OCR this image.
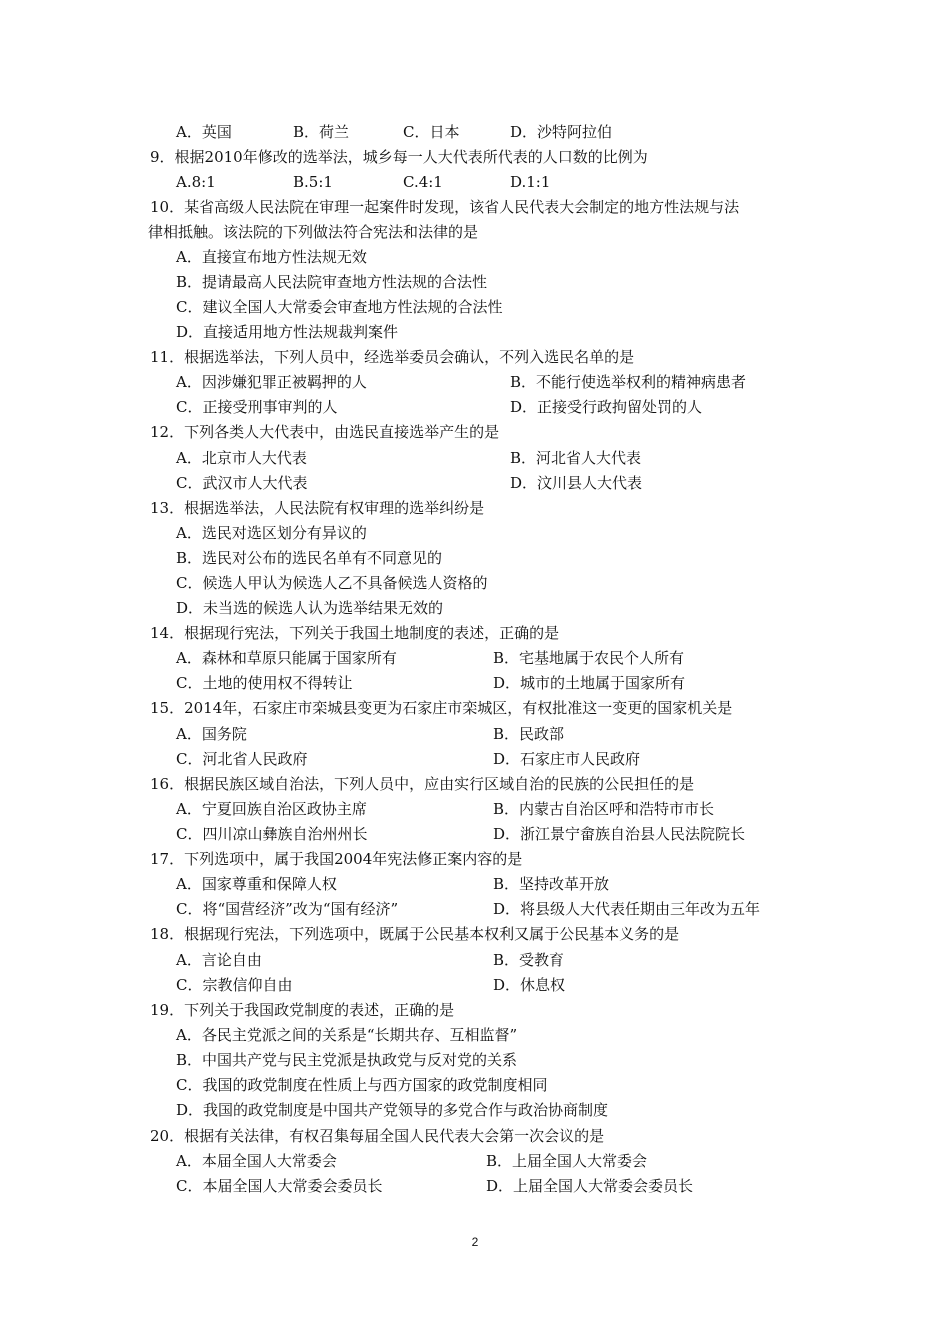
A．英国	B．荷兰	C．日本	D．沙特阿拉伯
9．根据2010年修改的选举法，城乡每一人大代表所代表的人口数的比例为
A.8:1	B.5:1	C.4:1	D.1:1
10．某省高级人民法院在审理一起案件时发现，该省人民代表大会制定的地方性法规与法
律相抵触。该法院的下列做法符合宪法和法律的是
A．直接宣布地方性法规无效
B．提请最高人民法院审查地方性法规的合法性
C．建议全国人大常委会审查地方性法规的合法性
D．直接适用地方性法规裁判案件
11．根据选举法，下列人员中，经选举委员会确认，不列入选民名单的是
A．因涉嫌犯罪正被羁押的人	B．不能行使选举权利的精神病患者
C．正接受刑事审判的人	D．正接受行政拘留处罚的人
12．下列各类人大代表中，由选民直接选举产生的是
A．北京市人大代表	B．河北省人大代表
C．武汉市人大代表	D．汶川县人大代表
13．根据选举法，人民法院有权审理的选举纠纷是
A．选民对选区划分有异议的
B．选民对公布的选民名单有不同意见的
C．候选人甲认为候选人乙不具备候选人资格的
D．未当选的候选人认为选举结果无效的
14．根据现行宪法，下列关于我国土地制度的表述，正确的是
A．森林和草原只能属于国家所有	B．宅基地属于农民个人所有
C．土地的使用权不得转让	D．城市的土地属于国家所有
15．2014年，石家庄市栾城县变更为石家庄市栾城区，有权批准这一变更的国家机关是
A．国务院	B．民政部
C．河北省人民政府	D．石家庄市人民政府
16．根据民族区域自治法，下列人员中，应由实行区域自治的民族的公民担任的是
A．宁夏回族自治区政协主席	B．内蒙古自治区呼和浩特市市长
C．四川凉山彝族自治州州长	D．浙江景宁畲族自治县人民法院院长
17．下列选项中，属于我国2004年宪法修正案内容的是
A．国家尊重和保障人权	B．坚持改革开放
C．将“国营经济”改为“国有经济”	D．将县级人大代表任期由三年改为五年
18．根据现行宪法，下列选项中，既属于公民基本权利又属于公民基本义务的是
A．言论自由	B．受教育
C．宗教信仰自由	D．休息权
19．下列关于我国政党制度的表述，正确的是
A．各民主党派之间的关系是“长期共存、互相监督”
B．中国共产党与民主党派是执政党与反对党的关系
C．我国的政党制度在性质上与西方国家的政党制度相同
D．我国的政党制度是中国共产党领导的多党合作与政治协商制度
20．根据有关法律，有权召集每届全国人民代表大会第一次会议的是
A．本届全国人大常委会	B．上届全国人大常委会
C．本届全国人大常委会委员长	D．上届全国人大常委会委员长
2
